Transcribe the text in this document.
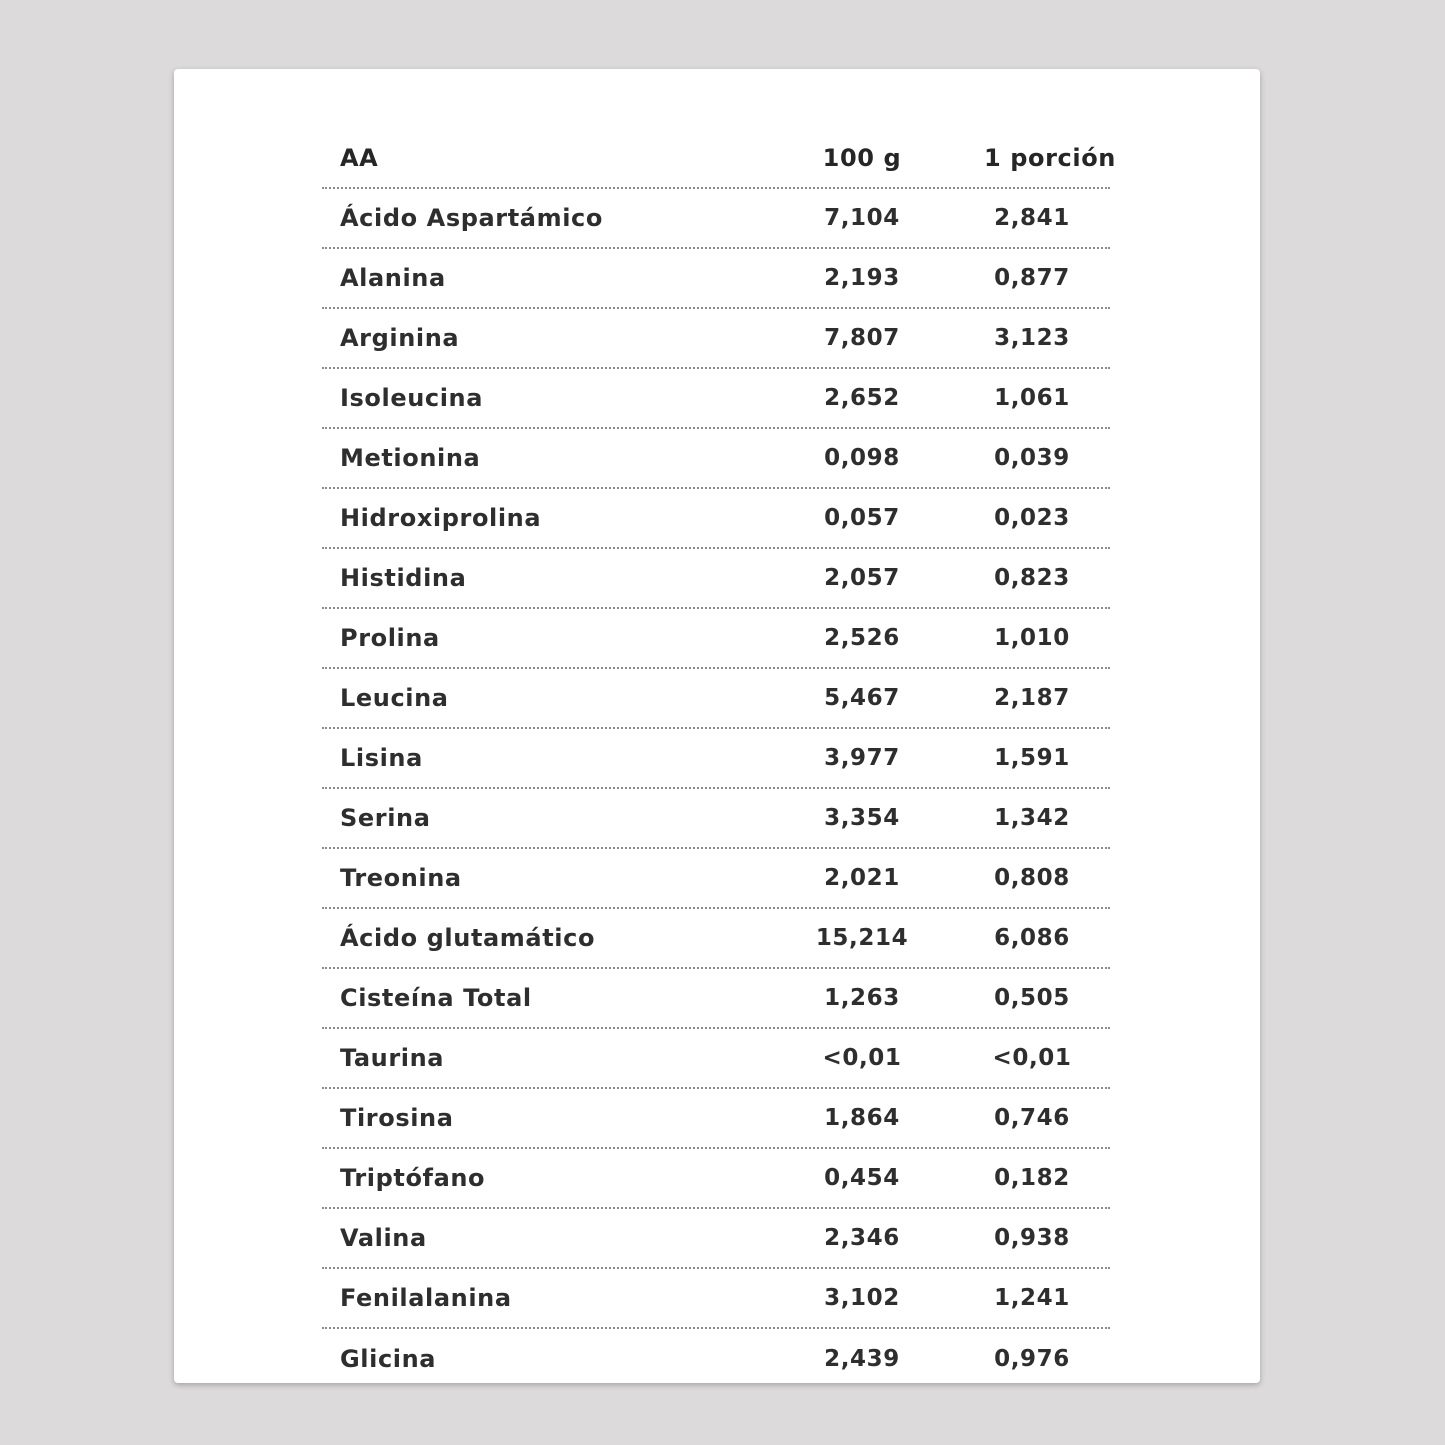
AA	100 g	1 porción
Ácido Aspartámico	7,104	2,841
Alanina	2,193	0,877
Arginina	7,807	3,123
Isoleucina	2,652	1,061
Metionina	0,098	0,039
Hidroxiprolina	0,057	0,023
Histidina	2,057	0,823
Prolina	2,526	1,010
Leucina	5,467	2,187
Lisina	3,977	1,591
Serina	3,354	1,342
Treonina	2,021	0,808
Ácido glutamático	15,214	6,086
Cisteína Total	1,263	0,505
Taurina	<0,01	<0,01
Tirosina	1,864	0,746
Triptófano	0,454	0,182
Valina	2,346	0,938
Fenilalanina	3,102	1,241
Glicina	2,439	0,976
